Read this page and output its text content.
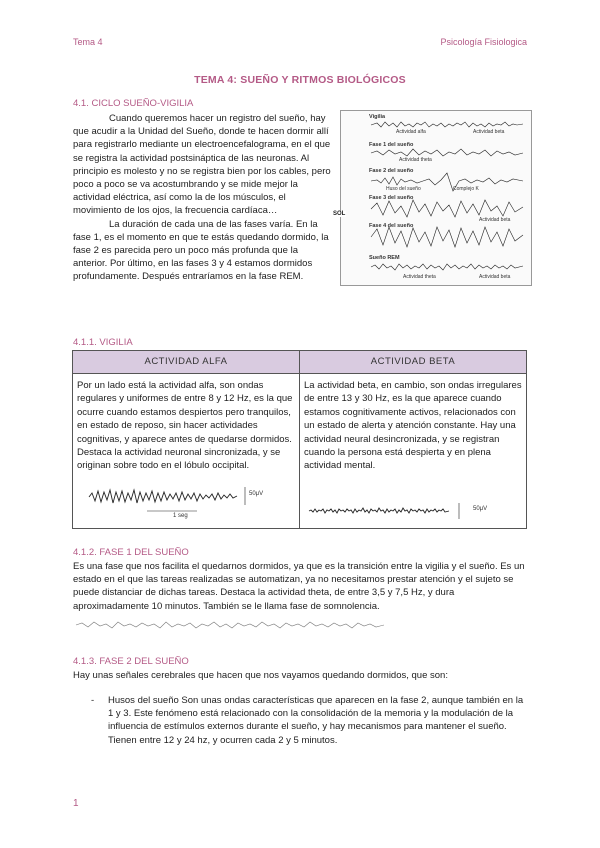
Tema 4	Psicología Fisiologica
TEMA 4: SUEÑO Y RITMOS BIOLÓGICOS
4.1. CICLO SUEÑO-VIGILIA

Cuando queremos hacer un registro del sueño, hay que acudir a la Unidad del Sueño, donde te hacen dormir allí para registrarlo mediante un electroencefalograma, en el que se registra la actividad postsináptica de las neuronas. Al principio es molesto y no se registra bien por los cables, pero poco a poco se va acostumbrando y se mide mejor la actividad eléctrica, así como la de los músculos, el movimiento de los ojos, la frecuencia cardíaca…

La duración de cada una de las fases varía. En la fase 1, es el momento en que te estás quedando dormido, la fase 2 es parecida pero un poco más profunda que la anterior. Por último, en las fases 3 y 4 estamos dormidos profundamente. Después entraríamos en la fase REM.

Vigilia
Actividad alfa	Actividad beta
Fase 1 del sueño
Actividad theta
Fase 2 del sueño
Huso del sueño	Complejo K
Fase 3 del sueño
Actividad beta
Fase 4 del sueño
Sueño REM
Actividad theta	Actividad beta
SOL
4.1.1. VIGILIA
ACTIVIDAD ALFA	ACTIVIDAD BETA
Por un lado está la actividad alfa, son ondas regulares y uniformes de entre 8 y 12 Hz, es la que ocurre cuando estamos despiertos pero tranquilos, en estado de reposo, sin hacer actividades cognitivas, y aparece antes de quedarse dormidos. Destaca la actividad neuronal sincronizada, y se originan sobre todo en el lóbulo occipital.
La actividad beta, en cambio, son ondas irregulares de entre 13 y 30 Hz, es la que aparece cuando estamos cognitivamente activos, relacionados con un estado de alerta y atención constante. Hay una actividad neural desincronizada, y se registran cuando la persona está despierta y en plena actividad mental.
50μV
1 seg
50μV
4.1.2. FASE 1 DEL SUEÑO
Es una fase que nos facilita el quedarnos dormidos, ya que es la transición entre la vigilia y el sueño. Es un estado en el que las tareas realizadas se automatizan, ya no necesitamos prestar atención y el sujeto se puede distanciar de dichas tareas. Destaca la actividad theta, de entre 3,5 y 7,5 Hz, y dura aproximadamente 10 minutos. También se le llama fase de somnolencia.
4.1.3. FASE 2 DEL SUEÑO
Hay unas señales cerebrales que hacen que nos vayamos quedando dormidos, que son:
- Husos del sueño Son unas ondas características que aparecen en la fase 2, aunque también en la 1 y 3. Este fenómeno está relacionado con la consolidación de la memoria y la modulación de la influencia de estímulos externos durante el sueño, y hay mecanismos para mantener el sueño. Tienen entre 12 y 24 hz, y ocurren cada 2 y 5 minutos.
1
